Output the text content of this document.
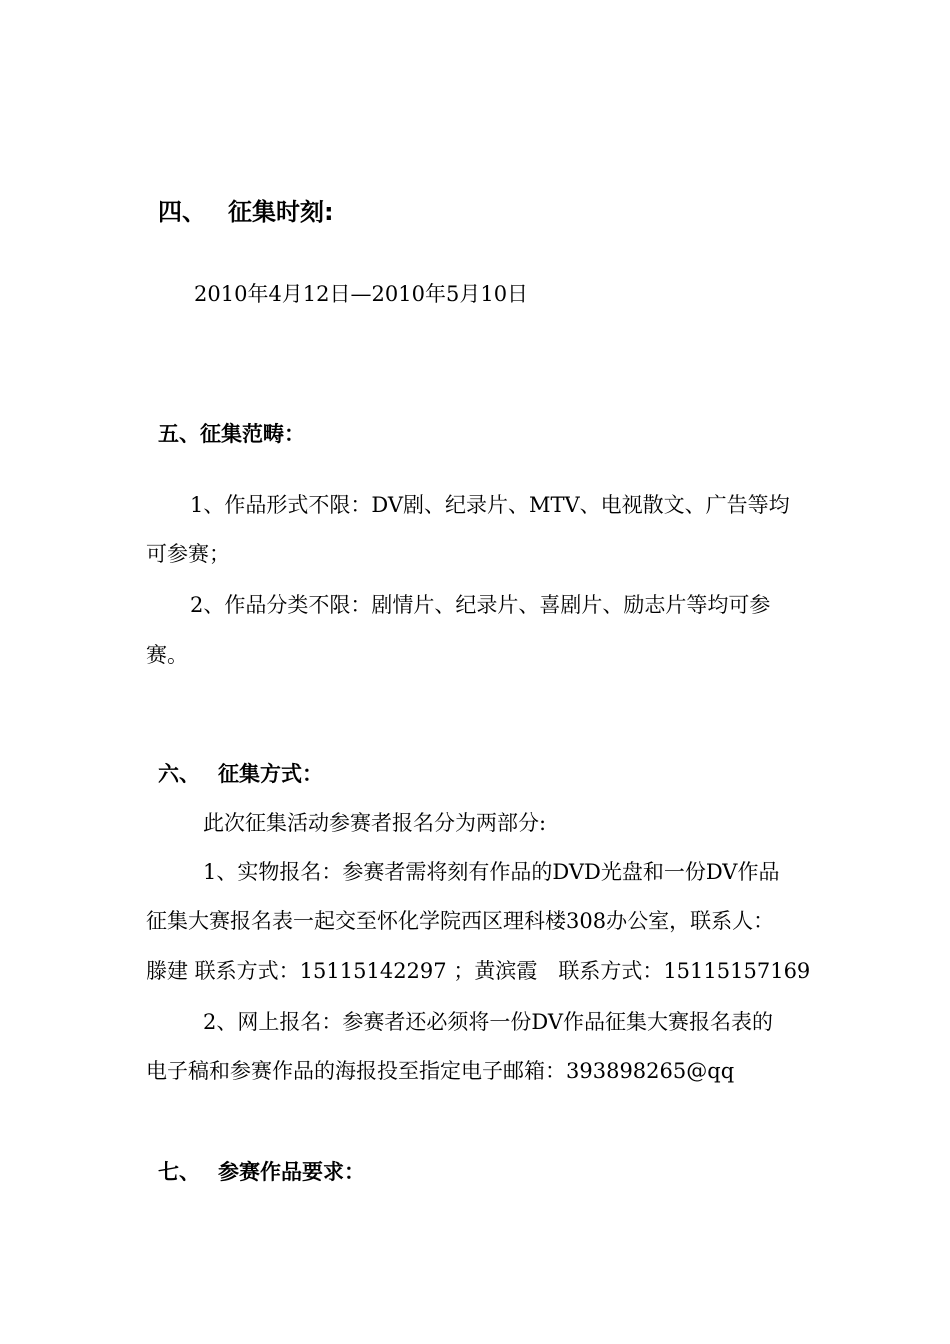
四、 征集时刻:
2010年4月12日—2010年5月10日
五、征集范畴：
1、作品形式不限：DV剧、纪录片、MTV、电视散文、广告等均
可参赛；
2、作品分类不限：剧情片、纪录片、喜剧片、励志片等均可参
赛。
六、 征集方式：
此次征集活动参赛者报名分为两部分:
1、实物报名：参赛者需将刻有作品的DVD光盘和一份DV作品
征集大赛报名表一起交至怀化学院西区理科楼308办公室，联系人：
滕建 联系方式：15115142297 ；黄滨霞　联系方式：15115157169
2、网上报名：参赛者还必须将一份DV作品征集大赛报名表的
电子稿和参赛作品的海报投至指定电子邮箱：393898265@qq
七、 参赛作品要求：
